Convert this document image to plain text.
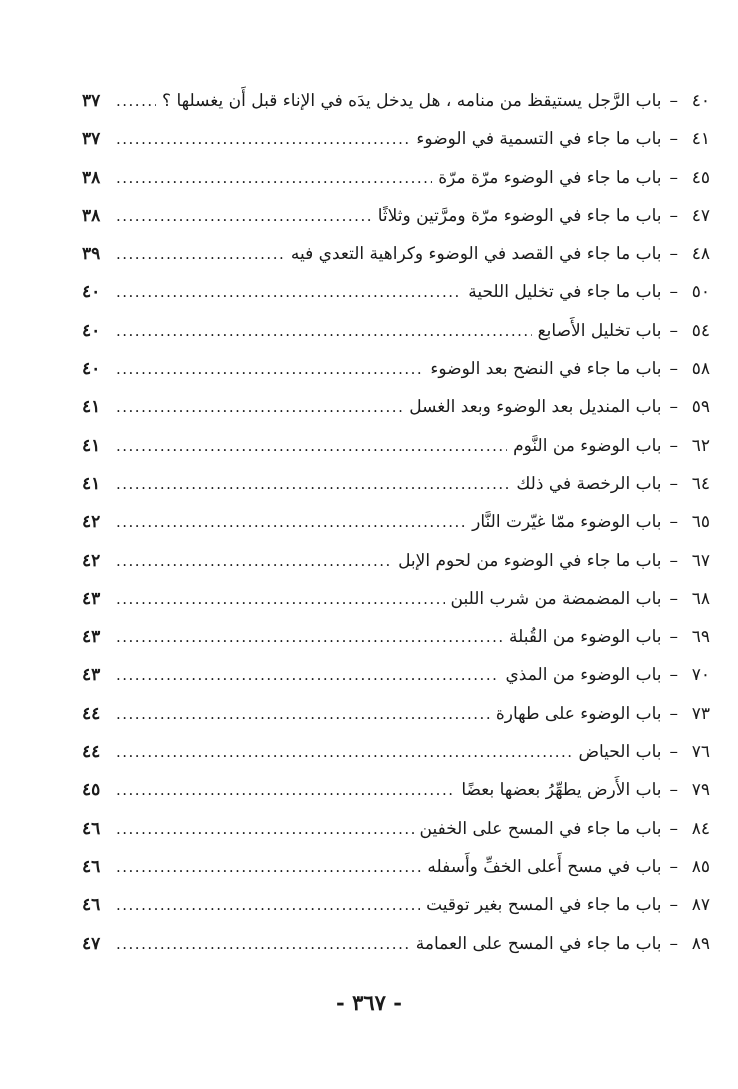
٤٠
–
باب الرَّجل يستيقظ من منامه ، هل يدخل يدَه في الإناء قبل أَن يغسلها ؟
.....
٣٧
٤١
–
باب ما جاء في التسمية في الوضوء
.....
٣٧
٤٥
–
باب ما جاء في الوضوء مرّة مرّة
.....
٣٨
٤٧
–
باب ما جاء في الوضوء مرّة ومرَّتين وثلاثًا
.....
٣٨
٤٨
–
باب ما جاء في القصد في الوضوء وكراهية التعدي فيه
.....
٣٩
٥٠
–
باب ما جاء في تخليل اللحية
.....
٤٠
٥٤
–
باب تخليل الأَصابع
.....
٤٠
٥٨
–
باب ما جاء في النضح بعد الوضوء
.....
٤٠
٥٩
–
باب المنديل بعد الوضوء وبعد الغسل
.....
٤١
٦٢
–
باب الوضوء من النَّوم
.....
٤١
٦٤
–
باب الرخصة في ذلك
.....
٤١
٦٥
–
باب الوضوء ممّا غيّرت النَّار
.....
٤٢
٦٧
–
باب ما جاء في الوضوء من لحوم الإبل
.....
٤٢
٦٨
–
باب المضمضة من شرب اللبن
.....
٤٣
٦٩
–
باب الوضوء من القُبلة
.....
٤٣
٧٠
–
باب الوضوء من المذي
.....
٤٣
٧٣
–
باب الوضوء على طهارة
.....
٤٤
٧٦
–
باب الحياض
.....
٤٤
٧٩
–
باب الأَرض يطهِّرُ بعضها بعضًا
.....
٤٥
٨٤
–
باب ما جاء في المسح على الخفين
.....
٤٦
٨٥
–
باب في مسح أَعلى الخفِّ وأَسفله
.....
٤٦
٨٧
–
باب ما جاء في المسح بغير توقيت
.....
٤٦
٨٩
–
باب ما جاء في المسح على العمامة
.....
٤٧
- ٣٦٧ -
